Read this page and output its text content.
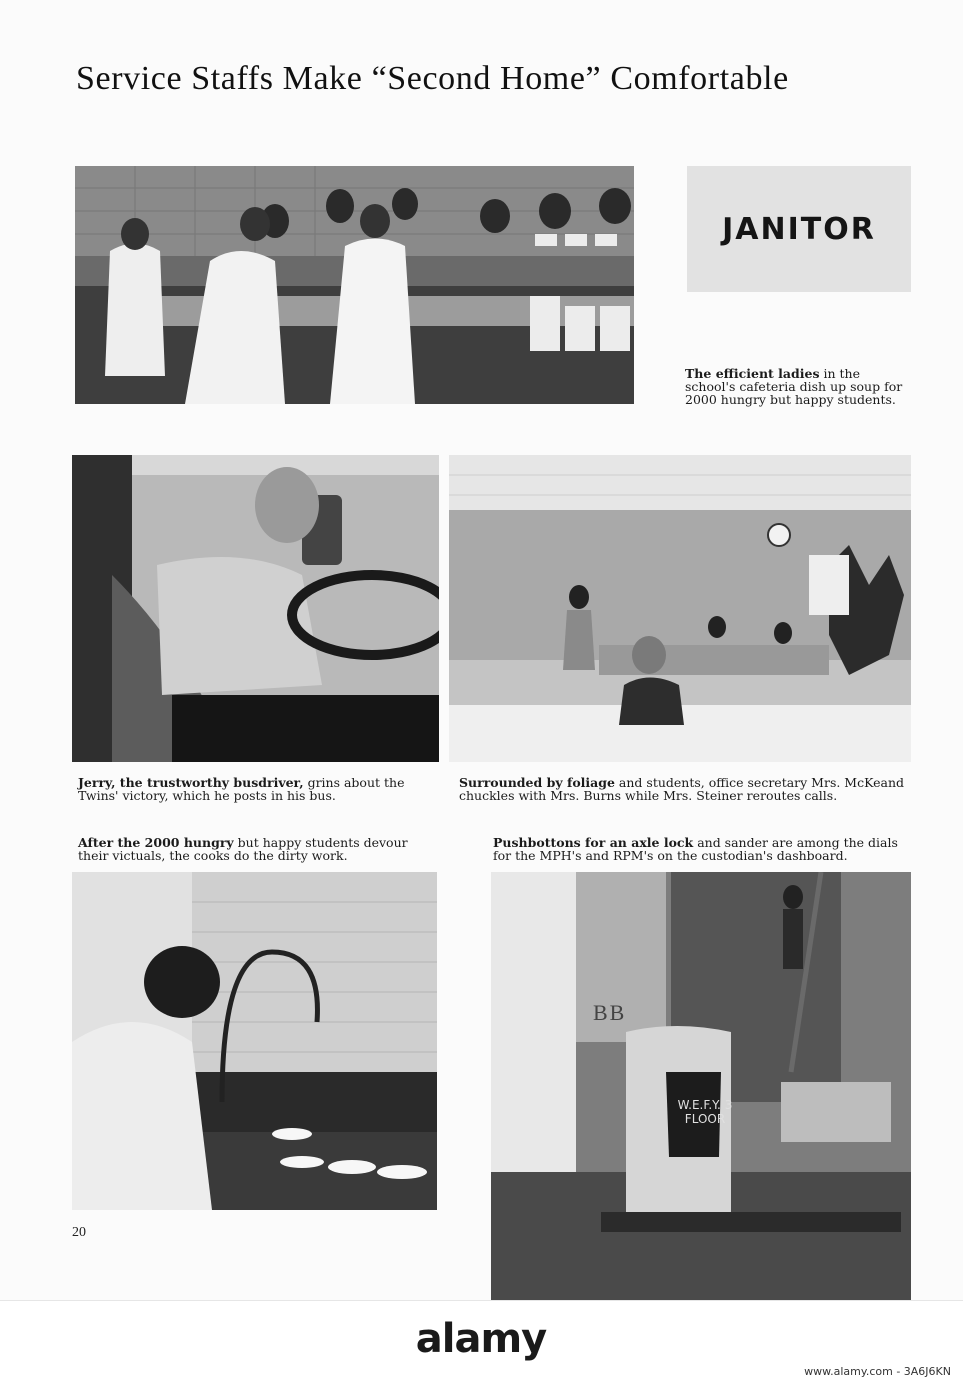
Service Staffs Make “Second Home” Comfortable
JANITOR
The efficient ladies in the school's cafeteria dish up soup for 2000 hungry but happy students.
Jerry, the trustworthy busdriver, grins about the Twins' victory, which he posts in his bus.
Surrounded by foliage and students, office secretary Mrs. McKeand chuckles with Mrs. Burns while Mrs. Steiner reroutes calls.
After the 2000 hungry but happy students devour their victuals, the cooks do the dirty work.
Pushbottons for an axle lock and sander are among the dials for the MPH's and RPM's on the custodian's dashboard.
BB
W.E.F.Y. 3 FLOOR
20
alamy
www.alamy.com - 3A6J6KN
